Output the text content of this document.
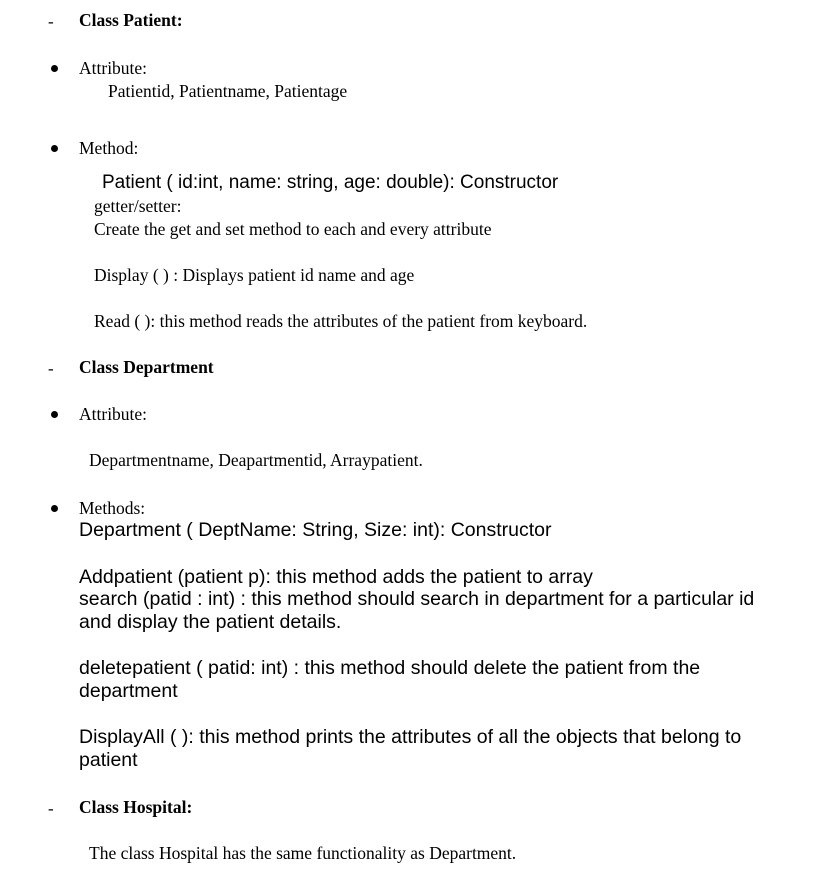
- Class Patient:
Attribute:
Patientid, Patientname, Patientage
Method:
Patient ( id:int, name: string, age: double): Constructor
getter/setter:
Create the get and set method to each and every attribute
Display ( ) : Displays patient id name and age
Read ( ): this method reads the attributes of the patient from keyboard.
- Class Department
Attribute:
Departmentname, Deapartmentid, Arraypatient.
Methods:
Department ( DeptName: String, Size: int): Constructor
Addpatient (patient p): this method adds the patient to array
search (patid : int) : this method should search in department for a particular id
and display the patient details.
deletepatient ( patid: int) : this method should delete the patient from the
department
DisplayAll ( ): this method prints the attributes of all the objects that belong to
patient
- Class Hospital:
The class Hospital has the same functionality as Department.
